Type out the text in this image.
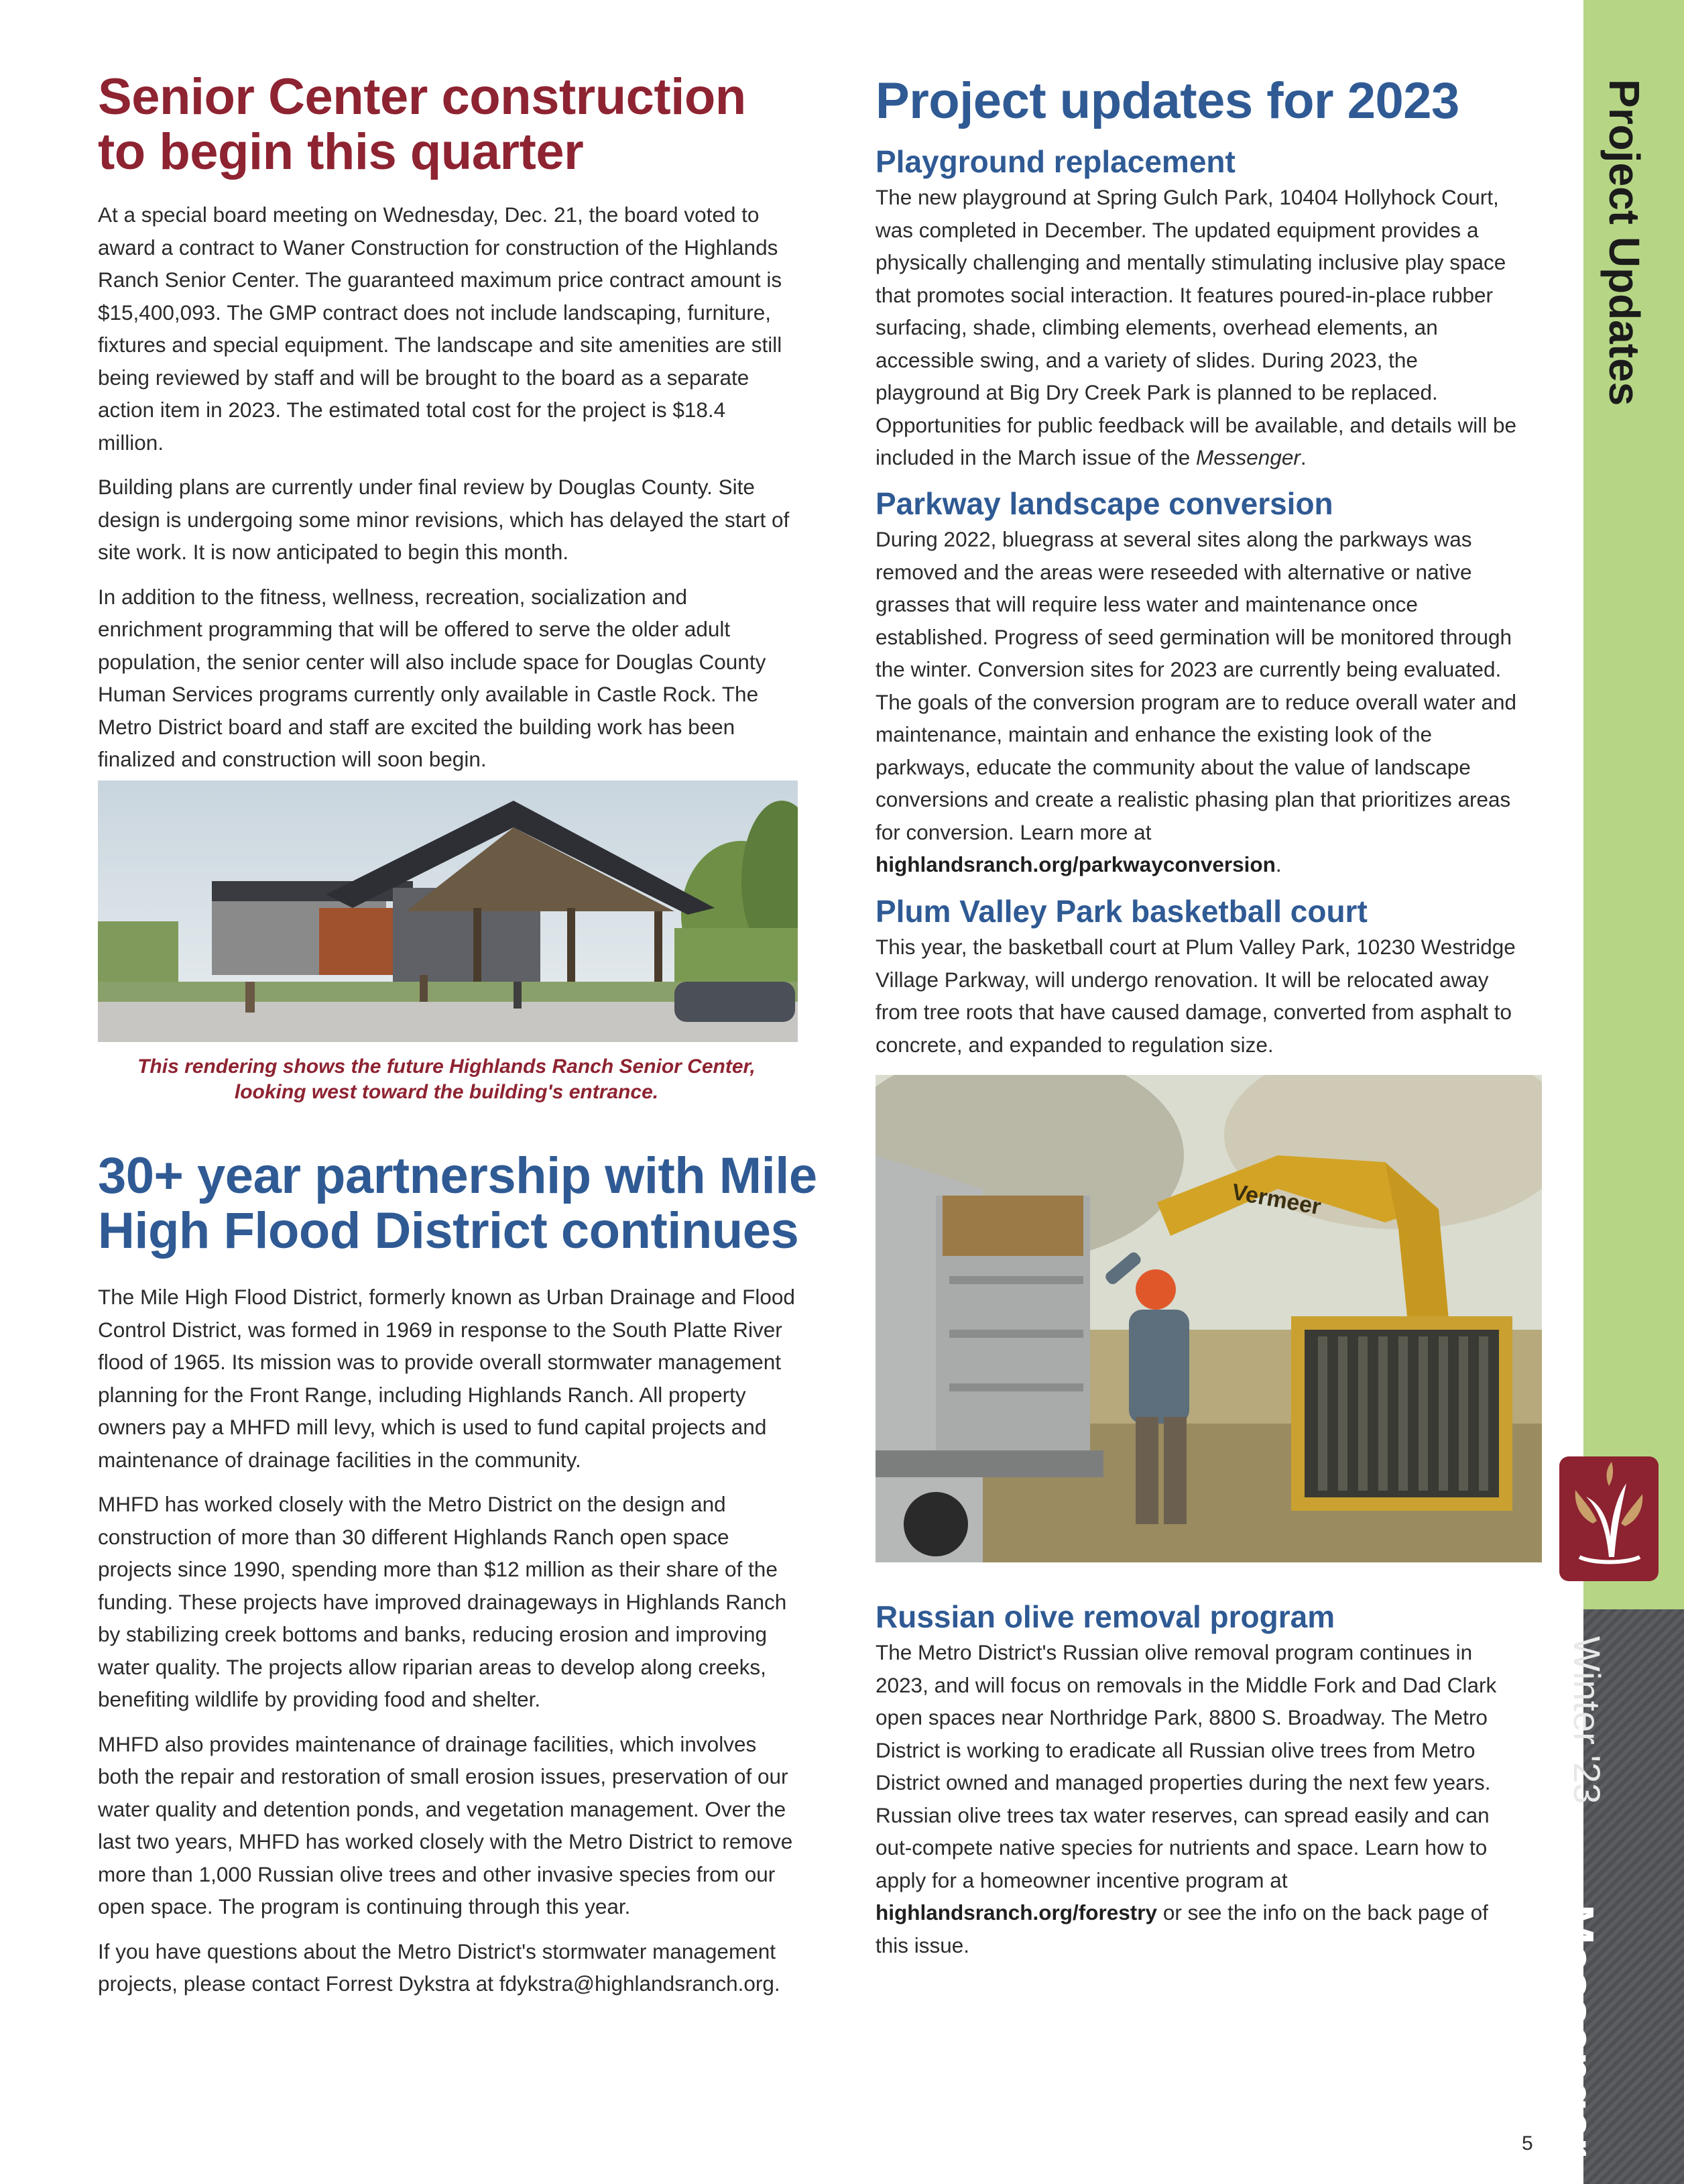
Senior Center construction
to begin this quarter

At a special board meeting on Wednesday, Dec. 21, the board voted to award a contract to Waner Construction for construction of the Highlands Ranch Senior Center. The guaranteed maximum price contract amount is $15,400,093. The GMP contract does not include landscaping, furniture, fixtures and special equipment. The landscape and site amenities are still being reviewed by staff and will be brought to the board as a separate action item in 2023. The estimated total cost for the project is $18.4 million.

Building plans are currently under final review by Douglas County. Site design is undergoing some minor revisions, which has delayed the start of site work. It is now anticipated to begin this month.

In addition to the fitness, wellness, recreation, socialization and enrichment programming that will be offered to serve the older adult population, the senior center will also include space for Douglas County Human Services programs currently only available in Castle Rock. The Metro District board and staff are excited the building work has been finalized and construction will soon begin.

This rendering shows the future Highlands Ranch Senior Center,
looking west toward the building's entrance.

30+ year partnership with Mile
High Flood District continues

The Mile High Flood District, formerly known as Urban Drainage and Flood Control District, was formed in 1969 in response to the South Platte River flood of 1965. Its mission was to provide overall stormwater management planning for the Front Range, including Highlands Ranch. All property owners pay a MHFD mill levy, which is used to fund capital projects and maintenance of drainage facilities in the community.

MHFD has worked closely with the Metro District on the design and construction of more than 30 different Highlands Ranch open space projects since 1990, spending more than $12 million as their share of the funding. These projects have improved drainageways in Highlands Ranch by stabilizing creek bottoms and banks, reducing erosion and improving water quality. The projects allow riparian areas to develop along creeks, benefiting wildlife by providing food and shelter.

MHFD also provides maintenance of drainage facilities, which involves both the repair and restoration of small erosion issues, preservation of our water quality and detention ponds, and vegetation management. Over the last two years, MHFD has worked closely with the Metro District to remove more than 1,000 Russian olive trees and other invasive species from our open space. The program is continuing through this year.

If you have questions about the Metro District's stormwater management projects, please contact Forrest Dykstra at fdykstra@highlandsranch.org.

Project updates for 2023
Playground replacement

The new playground at Spring Gulch Park, 10404 Hollyhock Court, was completed in December. The updated equipment provides a physically challenging and mentally stimulating inclusive play space that promotes social interaction. It features poured-in-place rubber surfacing, shade, climbing elements, overhead elements, an accessible swing, and a variety of slides. During 2023, the playground at Big Dry Creek Park is planned to be replaced. Opportunities for public feedback will be available, and details will be included in the March issue of the Messenger.

Parkway landscape conversion

During 2022, bluegrass at several sites along the parkways was removed and the areas were reseeded with alternative or native grasses that will require less water and maintenance once established. Progress of seed germination will be monitored through the winter. Conversion sites for 2023 are currently being evaluated. The goals of the conversion program are to reduce overall water and maintenance, maintain and enhance the existing look of the parkways, educate the community about the value of landscape conversions and create a realistic phasing plan that prioritizes areas for conversion. Learn more at highlandsranch.org/parkwayconversion.

Plum Valley Park basketball court

This year, the basketball court at Plum Valley Park, 10230 Westridge Village Parkway, will undergo renovation. It will be relocated away from tree roots that have caused damage, converted from asphalt to concrete, and expanded to regulation size.

Vermeer
Russian olive removal program

The Metro District's Russian olive removal program continues in 2023, and will focus on removals in the Middle Fork and Dad Clark open spaces near Northridge Park, 8800 S. Broadway. The Metro District is working to eradicate all Russian olive trees from Metro District owned and managed properties during the next few years. Russian olive trees tax water reserves, can spread easily and can out-compete native species for nutrients and space. Learn how to apply for a homeowner incentive program at highlandsranch.org/forestry or see the info on the back page of this issue.

Project Updates
Winter '23
Messenger
5
